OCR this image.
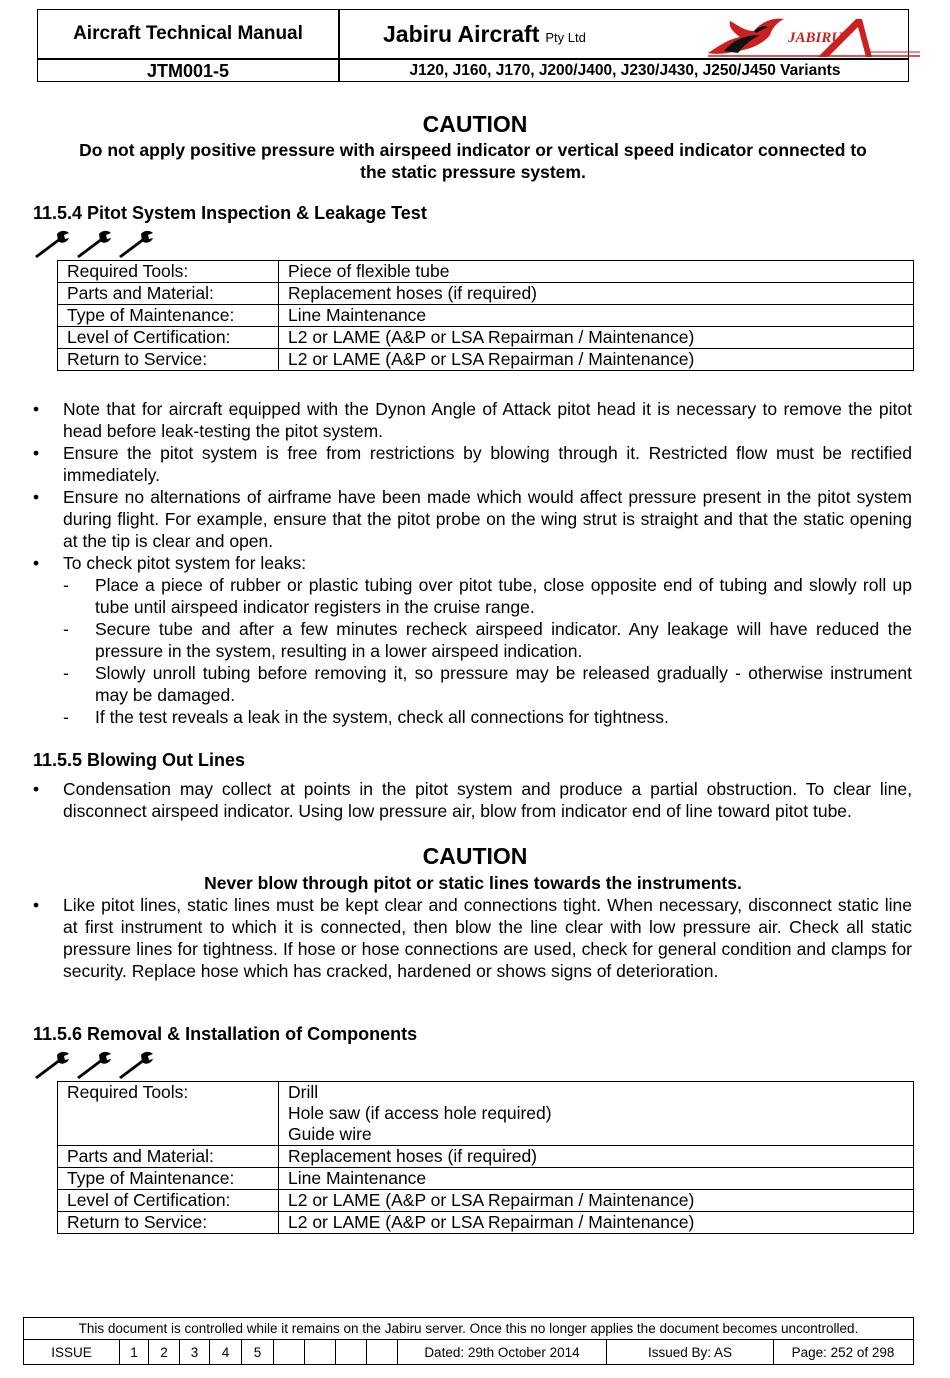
Aircraft Technical Manual	Jabiru Aircraft Pty Ltd	JABIRU
JTM001-5	J120, J160, J170, J200/J400, J230/J430, J250/J450 Variants
CAUTION
Do not apply positive pressure with airspeed indicator or vertical speed indicator connected to
the static pressure system.
11.5.4 Pitot System Inspection & Leakage Test
Required Tools:	Piece of flexible tube
Parts and Material:	Replacement hoses (if required)
Type of Maintenance:	Line Maintenance
Level of Certification:	L2 or LAME (A&P or LSA Repairman / Maintenance)
Return to Service:	L2 or LAME (A&P or LSA Repairman / Maintenance)

• Note that for aircraft equipped with the Dynon Angle of Attack pitot head it is necessary to remove the pitot head before leak-testing the pitot system.

• Ensure the pitot system is free from restrictions by blowing through it. Restricted flow must be rectified immediately.

• Ensure no alternations of airframe have been made which would affect pressure present in the pitot system during flight. For example, ensure that the pitot probe on the wing strut is straight and that the static opening at the tip is clear and open.

• To check pitot system for leaks:

- Place a piece of rubber or plastic tubing over pitot tube, close opposite end of tubing and slowly roll up tube until airspeed indicator registers in the cruise range.

- Secure tube and after a few minutes recheck airspeed indicator. Any leakage will have reduced the pressure in the system, resulting in a lower airspeed indication.

- Slowly unroll tubing before removing it, so pressure may be released gradually - otherwise instrument may be damaged.

- If the test reveals a leak in the system, check all connections for tightness.

11.5.5 Blowing Out Lines

• Condensation may collect at points in the pitot system and produce a partial obstruction. To clear line, disconnect airspeed indicator. Using low pressure air, blow from indicator end of line toward pitot tube.

CAUTION
Never blow through pitot or static lines towards the instruments.

• Like pitot lines, static lines must be kept clear and connections tight. When necessary, disconnect static line at first instrument to which it is connected, then blow the line clear with low pressure air. Check all static pressure lines for tightness. If hose or hose connections are used, check for general condition and clamps for security. Replace hose which has cracked, hardened or shows signs of deterioration.

11.5.6 Removal & Installation of Components
Required Tools:	Drill
Hole saw (if access hole required)
Guide wire

Parts and Material:	Replacement hoses (if required)
Type of Maintenance:	Line Maintenance
Level of Certification:	L2 or LAME (A&P or LSA Repairman / Maintenance)
Return to Service:	L2 or LAME (A&P or LSA Repairman / Maintenance)
This document is controlled while it remains on the Jabiru server. Once this no longer applies the document becomes uncontrolled.
ISSUE	1	2	3	4	5	Dated: 29th October 2014	Issued By: AS	Page: 252 of 298
